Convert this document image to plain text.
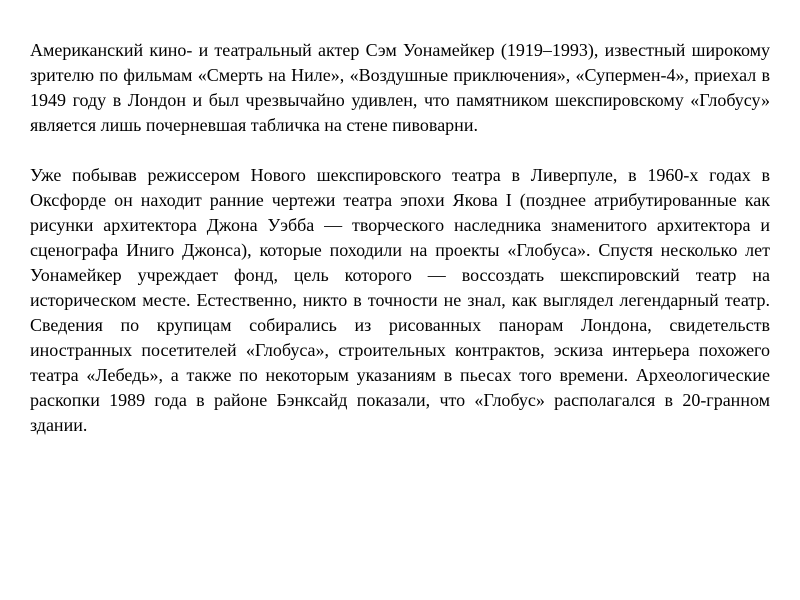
Американский кино- и театральный актер Сэм Уонамейкер (1919–1993), известный широкому зрителю по фильмам «Смерть на Ниле», «Воздушные приключения», «Супермен-4», приехал в 1949 году в Лондон и был чрезвычайно удивлен, что памятником шекспировскому «Глобусу» является лишь почерневшая табличка на стене пивоварни.

Уже побывав режиссером Нового шекспировского театра в Ливерпуле, в 1960-х годах в Оксфорде он находит ранние чертежи театра эпохи Якова I (позднее атрибутированные как рисунки архитектора Джона Уэбба — творческого наследника знаменитого архитектора и сценографа Иниго Джонса), которые походили на проекты «Глобуса». Спустя несколько лет Уонамейкер учреждает фонд, цель которого — воссоздать шекспировский театр на историческом месте. Естественно, никто в точности не знал, как выглядел легендарный театр. Сведения по крупицам собирались из рисованных панорам Лондона, свидетельств иностранных посетителей «Глобуса», строительных контрактов, эскиза интерьера похожего театра «Лебедь», а также по некоторым указаниям в пьесах того времени. Археологические раскопки 1989 года в районе Бэнксайд показали, что «Глобус» располагался в 20-гранном здании.
